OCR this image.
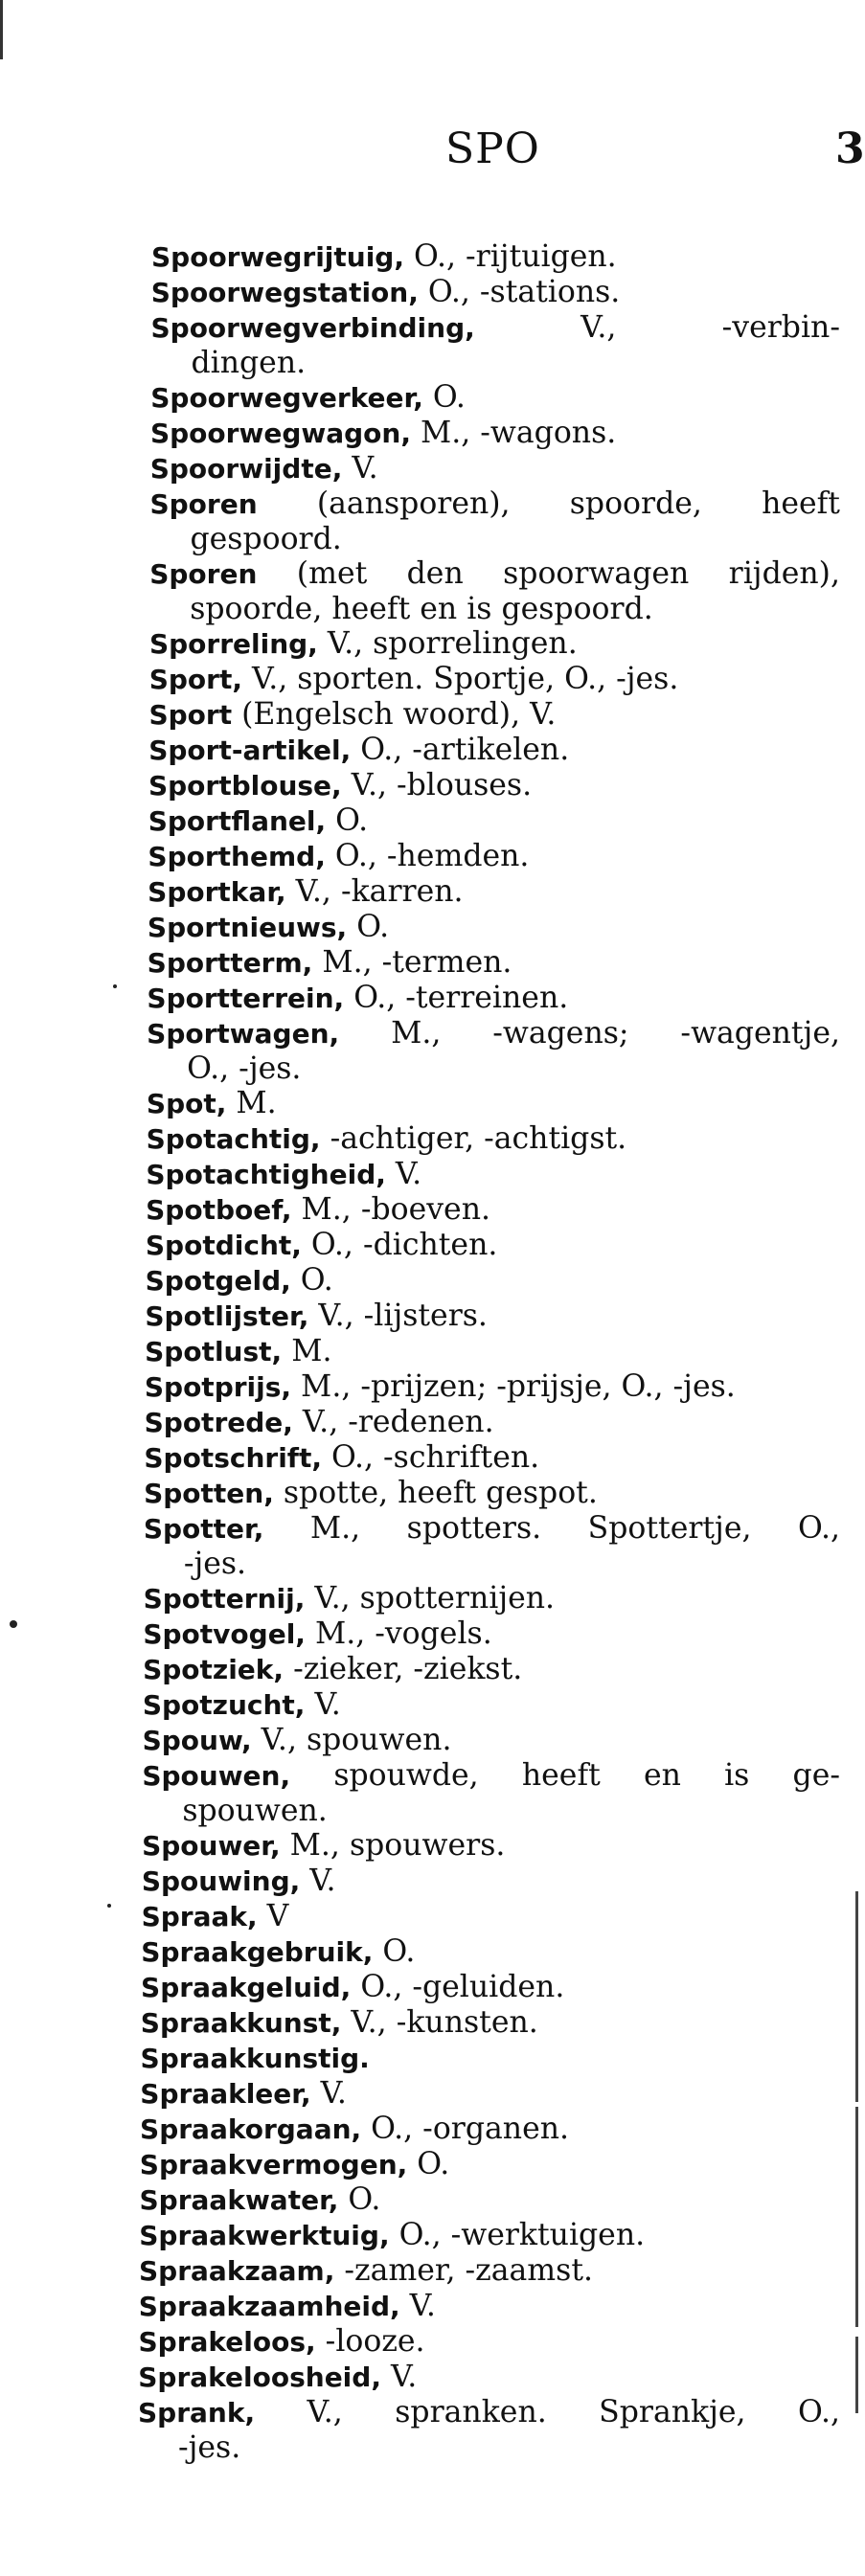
SPO	3
Spoorwegrijtuig, O., -rijtuigen.
Spoorwegstation, O., -stations.
Spoorwegverbinding, V., -verbin-
dingen.
Spoorwegverkeer, O.
Spoorwegwagon, M., -wagons.
Spoorwijdte, V.
Sporen (aansporen), spoorde, heeft
gespoord.
Sporen (met den spoorwagen rijden),
spoorde, heeft en is gespoord.
Sporreling, V., sporrelingen.
Sport, V., sporten. Sportje, O., -jes.
Sport (Engelsch woord), V.
Sport-artikel, O., -artikelen.
Sportblouse, V., -blouses.
Sportflanel, O.
Sporthemd, O., -hemden.
Sportkar, V., -karren.
Sportnieuws, O.
Sportterm, M., -termen.
Sportterrein, O., -terreinen.
Sportwagen, M., -wagens; -wagentje,
O., -jes.
Spot, M.
Spotachtig, -achtiger, -achtigst.
Spotachtigheid, V.
Spotboef, M., -boeven.
Spotdicht, O., -dichten.
Spotgeld, O.
Spotlijster, V., -lijsters.
Spotlust, M.
Spotprijs, M., -prijzen; -prijsje, O., -jes.
Spotrede, V., -redenen.
Spotschrift, O., -schriften.
Spotten, spotte, heeft gespot.
Spotter, M., spotters. Spottertje, O.,
-jes.
Spotternij, V., spotternijen.
Spotvogel, M., -vogels.
Spotziek, -zieker, -ziekst.
Spotzucht, V.
Spouw, V., spouwen.
Spouwen, spouwde, heeft en is ge-
spouwen.
Spouwer, M., spouwers.
Spouwing, V.
Spraak, V
Spraakgebruik, O.
Spraakgeluid, O., -geluiden.
Spraakkunst, V., -kunsten.
Spraakkunstig.
Spraakleer, V.
Spraakorgaan, O., -organen.
Spraakvermogen, O.
Spraakwater, O.
Spraakwerktuig, O., -werktuigen.
Spraakzaam, -zamer, -zaamst.
Spraakzaamheid, V.
Sprakeloos, -looze.
Sprakeloosheid, V.
Sprank, V., spranken. Sprankje, O.,
-jes.
